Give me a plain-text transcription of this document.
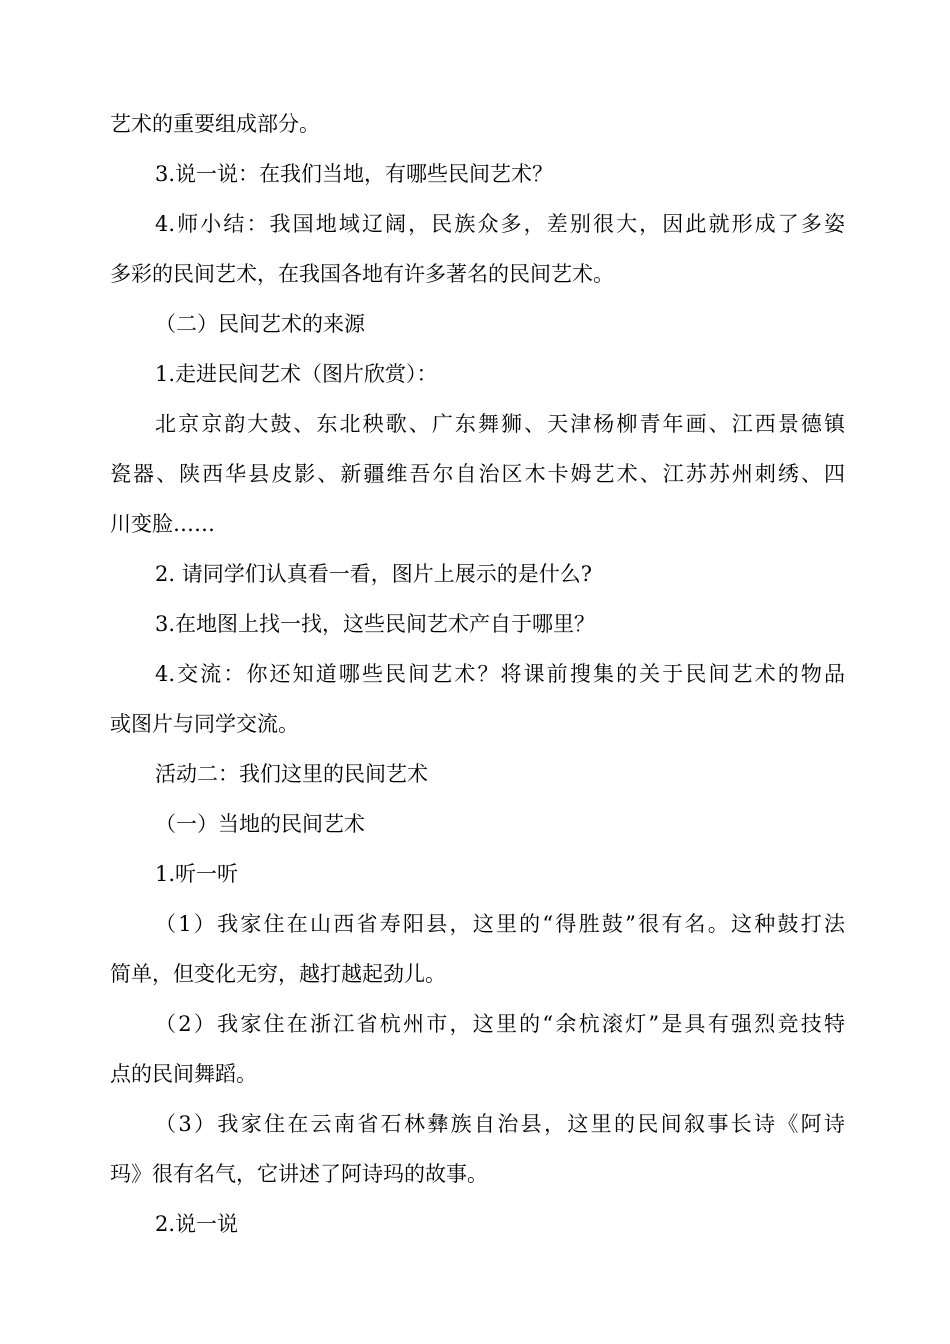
艺术的重要组成部分。
3.说一说：在我们当地，有哪些民间艺术？
4.师小结：我国地域辽阔，民族众多，差别很大，因此就形成了多姿
多彩的民间艺术，在我国各地有许多著名的民间艺术。
（二）民间艺术的来源
1.走进民间艺术（图片欣赏）：
北京京韵大鼓、东北秧歌、广东舞狮、天津杨柳青年画、江西景德镇
瓷器、陕西华县皮影、新疆维吾尔自治区木卡姆艺术、江苏苏州刺绣、四
川变脸……
2. 请同学们认真看一看，图片上展示的是什么?
3.在地图上找一找，这些民间艺术产自于哪里？
4.交流：你还知道哪些民间艺术？将课前搜集的关于民间艺术的物品
或图片与同学交流。
活动二：我们这里的民间艺术
（一）当地的民间艺术
1.听一听
（1）我家住在山西省寿阳县，这里的“得胜鼓”很有名。这种鼓打法
简单，但变化无穷，越打越起劲儿。
（2）我家住在浙江省杭州市，这里的“余杭滚灯”是具有强烈竞技特
点的民间舞蹈。
（3）我家住在云南省石林彝族自治县，这里的民间叙事长诗《阿诗
玛》很有名气，它讲述了阿诗玛的故事。
2.说一说
